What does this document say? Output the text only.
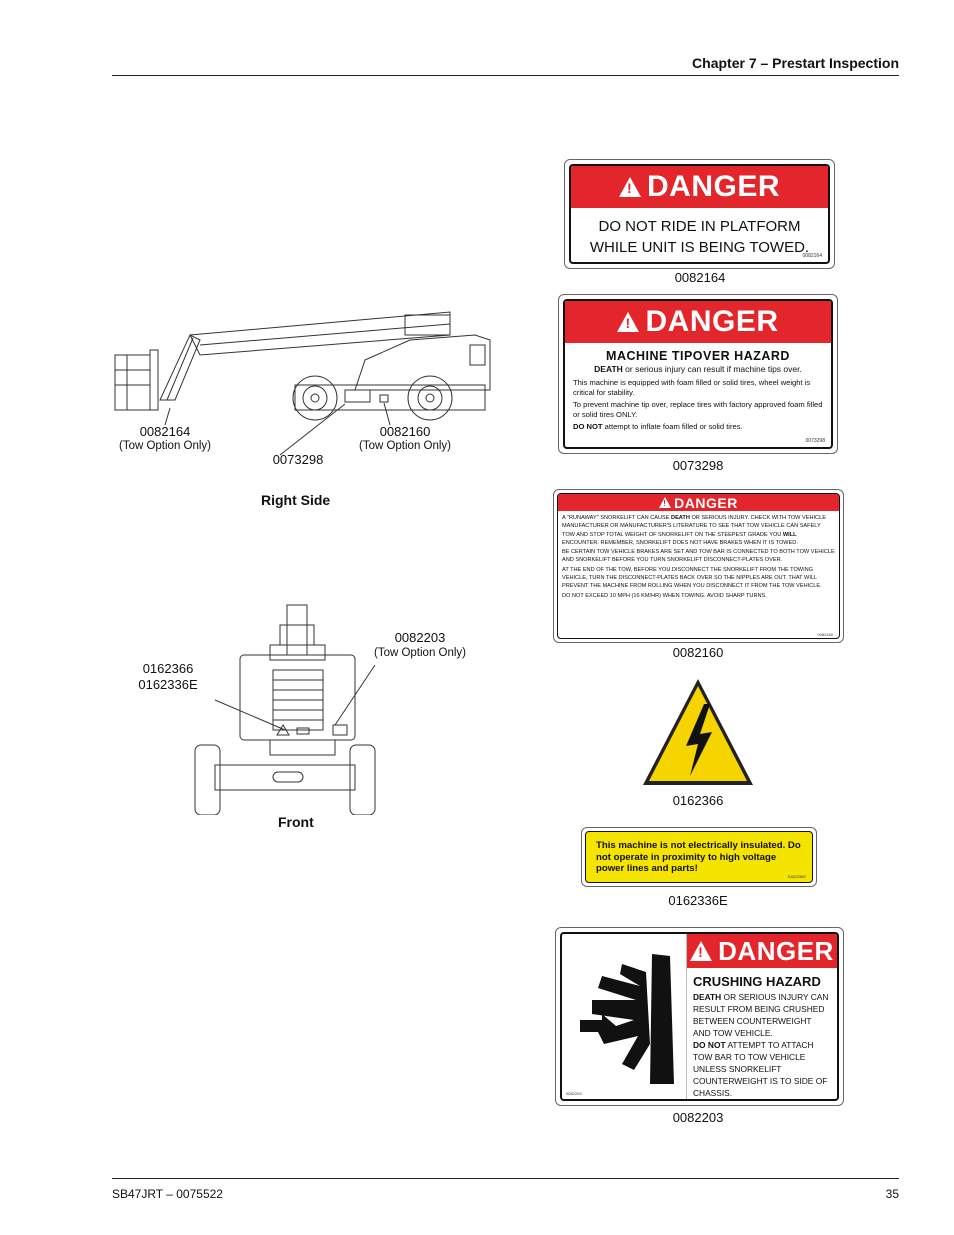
Chapter 7 – Prestart Inspection
0082164
(Tow Option Only)
0082160
(Tow Option Only)
0073298
Right Side
0162366
0162336E
0082203
(Tow Option Only)
Front
! DANGER

DO NOT RIDE IN PLATFORM

WHILE UNIT IS BEING TOWED.

0082164
0082164
! DANGER
MACHINE TIPOVER HAZARD
DEATH or serious injury can result if machine tips over.

This machine is equipped with foam filled or solid tires, wheel weight is critical for stability.

To prevent machine tip over, replace tires with factory approved foam filled or solid tires ONLY.

DO NOT attempt to inflate foam filled or solid tires.

0073298
0073298
! DANGER

A "RUNAWAY" SNORKELIFT CAN CAUSE DEATH OR SERIOUS INJURY. CHECK WITH TOW VEHICLE MANUFACTURER OR MANUFACTURER'S LITERATURE TO SEE THAT TOW VEHICLE CAN SAFELY TOW AND STOP TOTAL WEIGHT OF SNORKELIFT ON THE STEEPEST GRADE YOU WILL ENCOUNTER. REMEMBER, SNORKELIFT DOES NOT HAVE BRAKES WHEN IT IS TOWED.

BE CERTAIN TOW VEHICLE BRAKES ARE SET AND TOW BAR IS CONNECTED TO BOTH TOW VEHICLE AND SNORKELIFT BEFORE YOU TURN SNORKELIFT DISCONNECT-PLATES OVER.

AT THE END OF THE TOW, BEFORE YOU DISCONNECT THE SNORKELIFT FROM THE TOWING VEHICLE, TURN THE DISCONNECT-PLATES BACK OVER SO THE NIPPLES ARE OUT. THAT WILL PREVENT THE MACHINE FROM ROLLING WHEN YOU DISCONNECT IT FROM THE TOW VEHICLE.

DO NOT EXCEED 10 MPH (16 KM/HR) WHEN TOWING. AVOID SHARP TURNS.

0082160
0082160
0162366
This machine is not electrically insulated. Do not operate in proximity to high voltage power lines and parts!
0162336E
0162336E
0082203
! DANGER
CRUSHING HAZARD

DEATH OR SERIOUS INJURY CAN RESULT FROM BEING CRUSHED BETWEEN COUNTERWEIGHT AND TOW VEHICLE.

DO NOT ATTEMPT TO ATTACH TOW BAR TO TOW VEHICLE UNLESS SNORKELIFT COUNTERWEIGHT IS TO SIDE OF CHASSIS.

0082203
SB47JRT – 0075522	35
